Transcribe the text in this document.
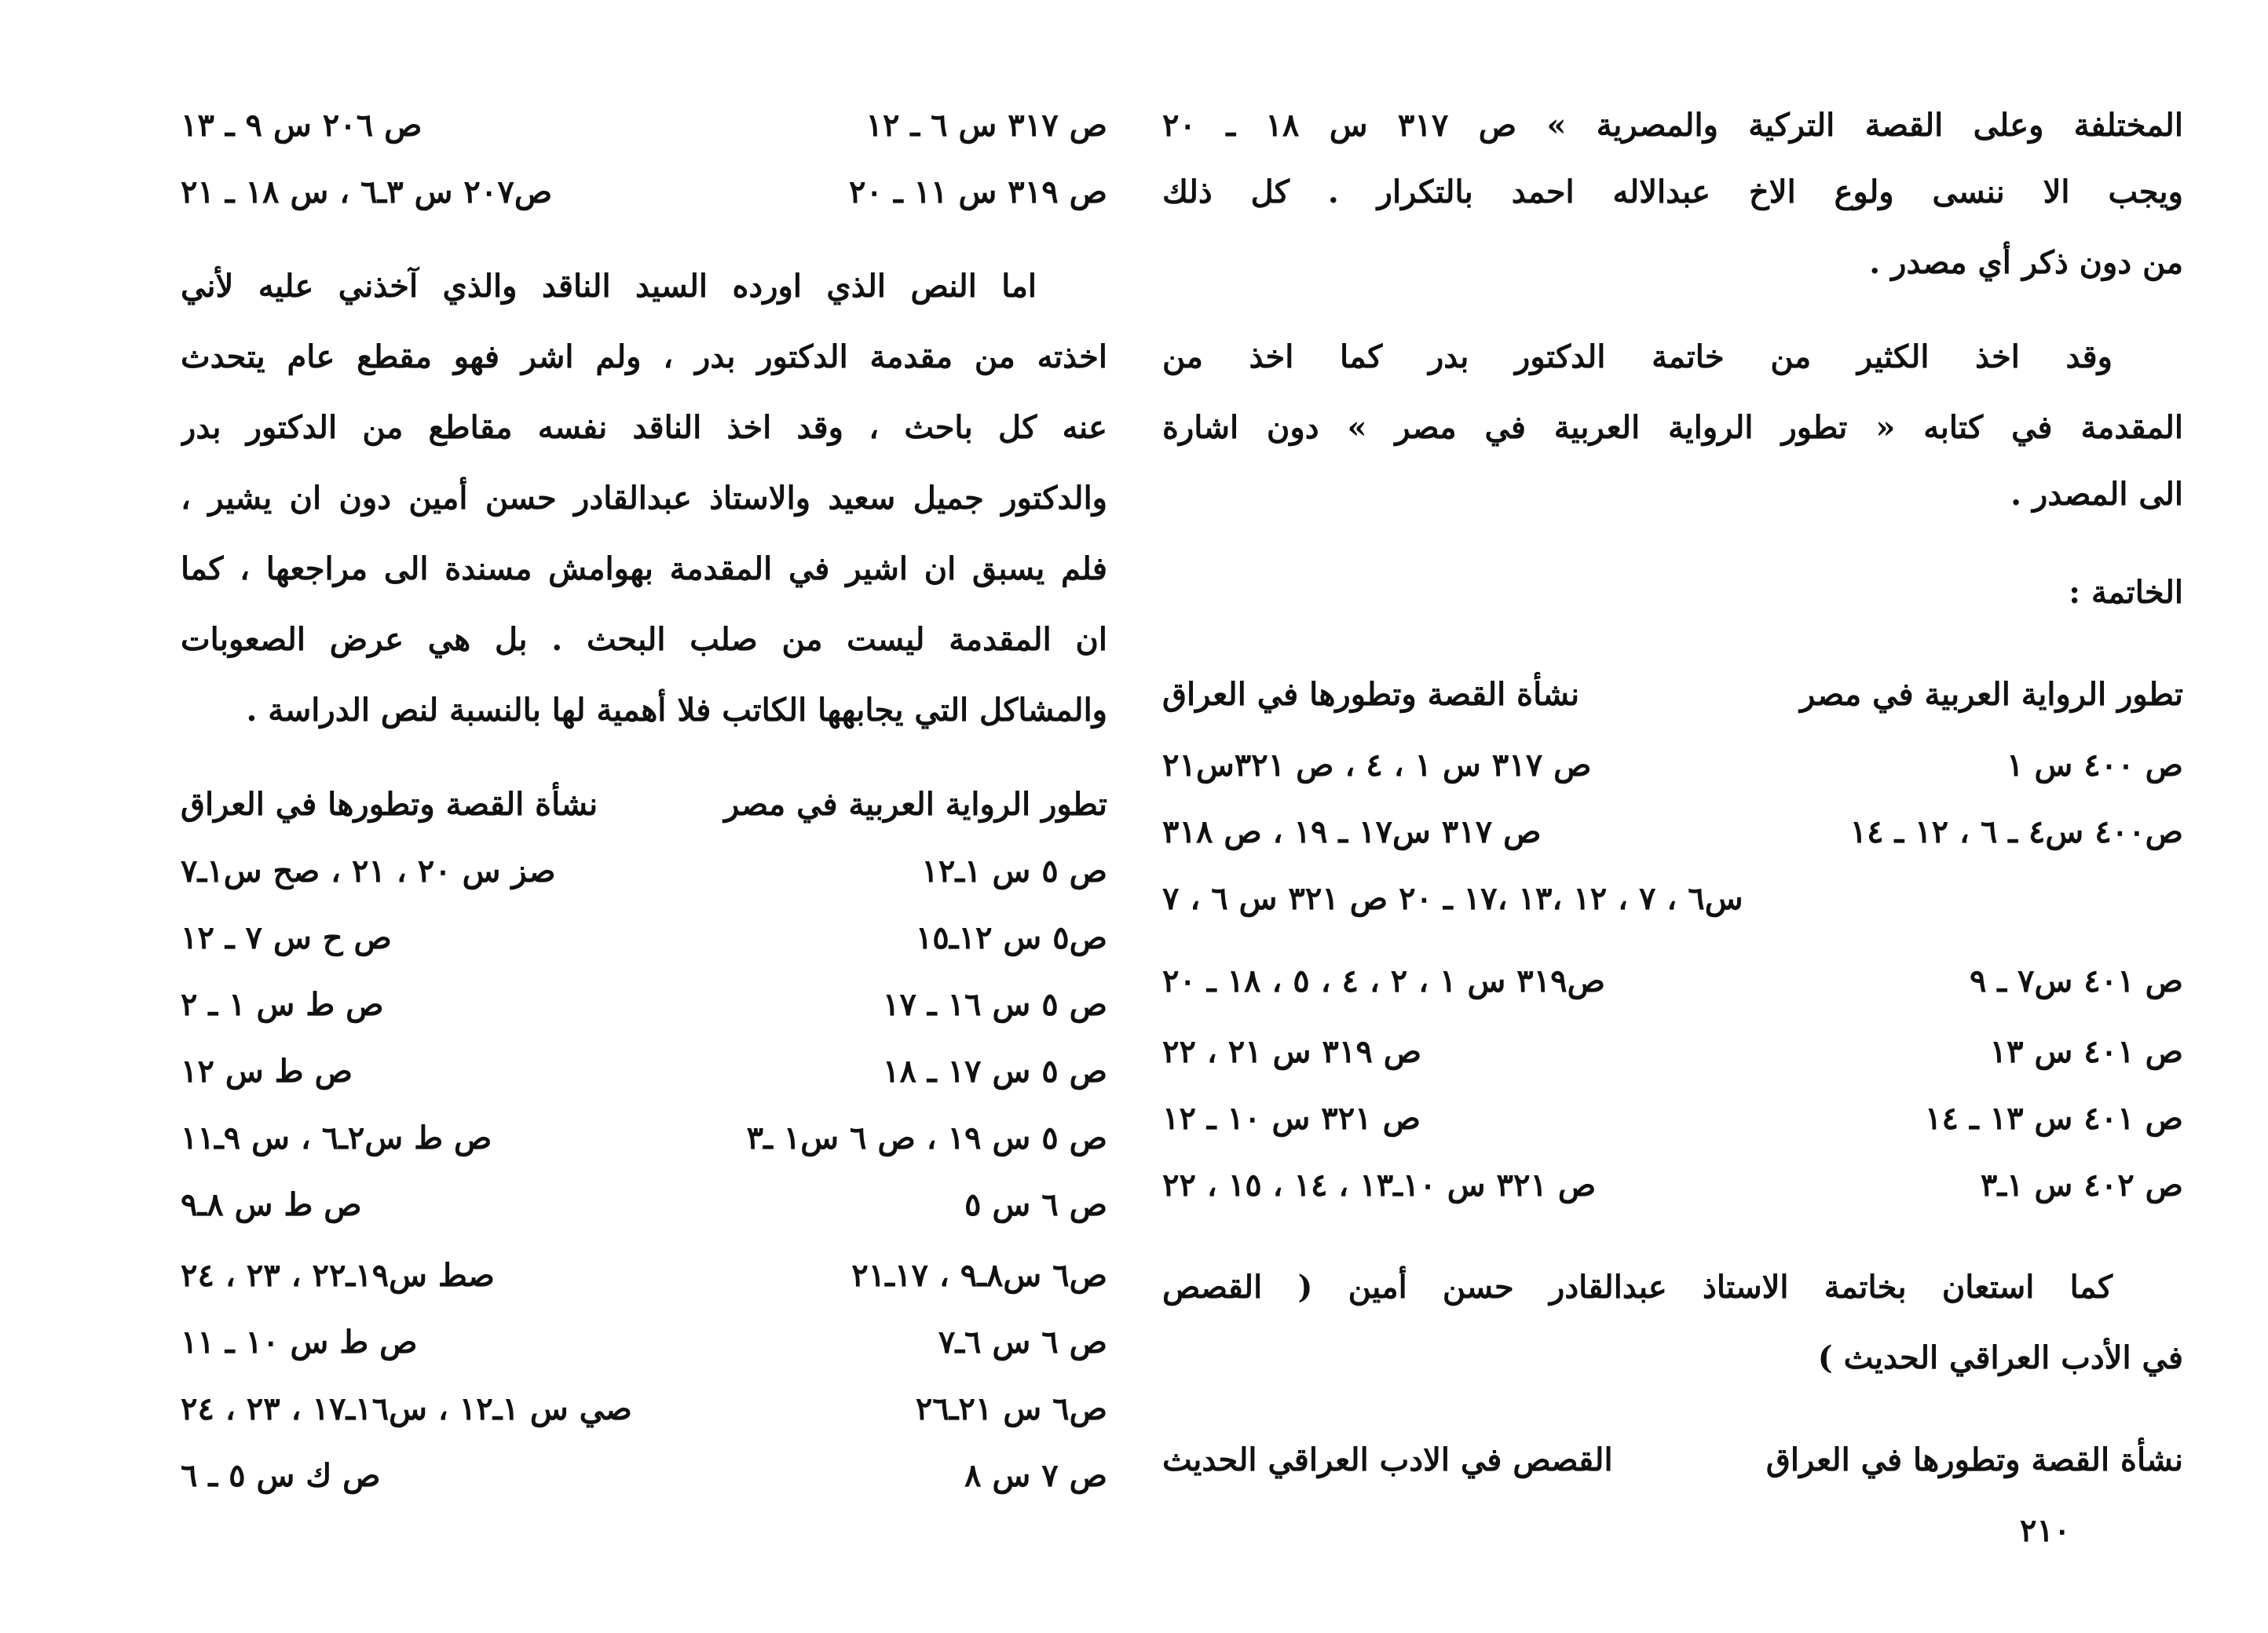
المختلفة وعلى القصة التركية والمصرية » ص ٣١٧ س ١٨ ـ ٢٠
ويجب الا ننسى ولوع الاخ عبدالاله احمد بالتكرار . كل ذلك
من دون ذكر أي مصدر .
وقد اخذ الكثير من خاتمة الدكتور بدر كما اخذ من
المقدمة في كتابه « تطور الرواية العربية في مصر » دون اشارة
الى المصدر .
الخاتمة :
تطور الرواية العربية في مصر
نشأة القصة وتطورها في العراق
ص ٤٠٠ س ١
ص ٣١٧ س ١ ، ٤ ، ص ٣٢١س٢١
ص٤٠٠ س٤ ـ ٦ ، ١٢ ـ ١٤
ص ٣١٧ س١٧ ـ ١٩ ، ص ٣١٨
س٦ ، ٧ ، ١٢ ،١٣ ،١٧ ـ ٢٠ ص ٣٢١ س ٦ ، ٧
ص ٤٠١ س٧ ـ ٩
ص٣١٩ س ١ ، ٢ ، ٤ ، ٥ ، ١٨ ـ ٢٠
ص ٤٠١ س ١٣
ص ٣١٩ س ٢١ ، ٢٢
ص ٤٠١ س ١٣ ـ ١٤
ص ٣٢١ س ١٠ ـ ١٢
ص ٤٠٢ س ١ـ٣
ص ٣٢١ س ١٠ـ١٣ ، ١٤ ، ١٥ ، ٢٢
كما استعان بخاتمة الاستاذ عبدالقادر حسن أمين ( القصص
في الأدب العراقي الحديث )
نشأة القصة وتطورها في العراق
القصص في الادب العراقي الحديث
٢١٠
ص ٣١٧ س ٦ ـ ١٢
ص ٢٠٦ س ٩ ـ ١٣
ص ٣١٩ س ١١ ـ ٢٠
ص٢٠٧ س ٣ـ٦ ، س ١٨ ـ ٢١
اما النص الذي اورده السيد الناقد والذي آخذني عليه لأني
اخذته من مقدمة الدكتور بدر ، ولم اشر فهو مقطع عام يتحدث
عنه كل باحث ، وقد اخذ الناقد نفسه مقاطع من الدكتور بدر
والدكتور جميل سعيد والاستاذ عبدالقادر حسن أمين دون ان يشير ،
فلم يسبق ان اشير في المقدمة بهوامش مسندة الى مراجعها ، كما
ان المقدمة ليست من صلب البحث . بل هي عرض الصعوبات
والمشاكل التي يجابهها الكاتب فلا أهمية لها بالنسبة لنص الدراسة .
تطور الرواية العربية في مصر
نشأة القصة وتطورها في العراق
ص ٥ س ١ـ١٢
صز س ٢٠ ، ٢١ ، صح س١ـ٧
ص٥ س ١٢ـ١٥
ص ح س ٧ ـ ١٢
ص ٥ س ١٦ ـ ١٧
ص ط س ١ ـ ٢
ص ٥ س ١٧ ـ ١٨
ص ط س ١٢
ص ٥ س ١٩ ، ص ٦ س١ ـ٣
ص ط س٢ـ٦ ، س ٩ـ١١
ص ٦ س ٥
ص ط س ٨ـ٩
ص٦ س٨ـ٩ ، ١٧ـ٢١
صط س١٩ـ٢٢ ، ٢٣ ، ٢٤
ص ٦ س ٦ـ٧
ص ط س ١٠ ـ ١١
ص٦ س ٢١ـ٢٦
صي س ١ـ١٢ ، س١٦ـ١٧ ، ٢٣ ، ٢٤
ص ٧ س ٨
ص ك س ٥ ـ ٦
